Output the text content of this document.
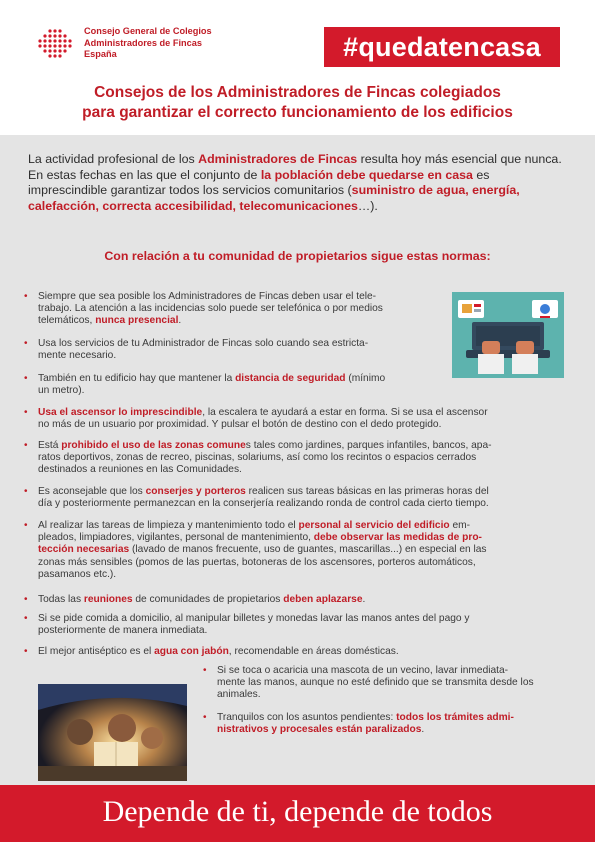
Consejo General de Colegios
Administradores de Fincas
España	#quedatencasa
Consejos de los Administradores de Fincas colegiados
para garantizar el correcto funcionamiento de los edificios
La actividad profesional de los Administradores de Fincas resulta hoy más esencial que nunca. En estas fechas en las que el conjunto de la población debe quedarse en casa es imprescindible garantizar todos los servicios comunitarios (suministro de agua, energía, calefacción, correcta accesibilidad, telecomunicaciones…).
Con relación a tu comunidad de propietarios sigue estas normas:
• Siempre que sea posible los Administradores de Fincas deben usar el tele-
trabajo. La atención a las incidencias solo puede ser telefónica o por medios
telemáticos, nunca presencial.
• Usa los servicios de tu Administrador de Fincas solo cuando sea estricta-
mente necesario.
• También en tu edificio hay que mantener la distancia de seguridad (mínimo
un metro).
• Usa el ascensor lo imprescindible, la escalera te ayudará a estar en forma. Si se usa el ascensor
no más de un usuario por proximidad. Y pulsar el botón de destino con el dedo protegido.
• Está prohibido el uso de las zonas comunes tales como jardines, parques infantiles, bancos, apa-
ratos deportivos, zonas de recreo, piscinas, solariums, así como los recintos o espacios cerrados
destinados a reuniones en las Comunidades.
• Es aconsejable que los conserjes y porteros realicen sus tareas básicas en las primeras horas del
día y posteriormente permanezcan en la conserjería realizando ronda de control cada cierto tiempo.
• Al realizar las tareas de limpieza y mantenimiento todo el personal al servicio del edificio em-
pleados, limpiadores, vigilantes, personal de mantenimiento, debe observar las medidas de pro-
tección necesarias (lavado de manos frecuente, uso de guantes, mascarillas...) en especial en las
zonas más sensibles (pomos de las puertas, botoneras de los ascensores, porteros automáticos,
pasamanos etc.).
• Todas las reuniones de comunidades de propietarios deben aplazarse.
• Si se pide comida a domicilio, al manipular billetes y monedas lavar las manos antes del pago y
posteriormente de manera inmediata.
• El mejor antiséptico es el agua con jabón, recomendable en áreas domésticas.
• Si se toca o acaricia una mascota de un vecino, lavar inmediata-
mente las manos, aunque no esté definido que se transmita desde los
animales.
• Tranquilos con los asuntos pendientes: todos los trámites admi-
nistrativos y procesales están paralizados.
Depende de ti, depende de todos
